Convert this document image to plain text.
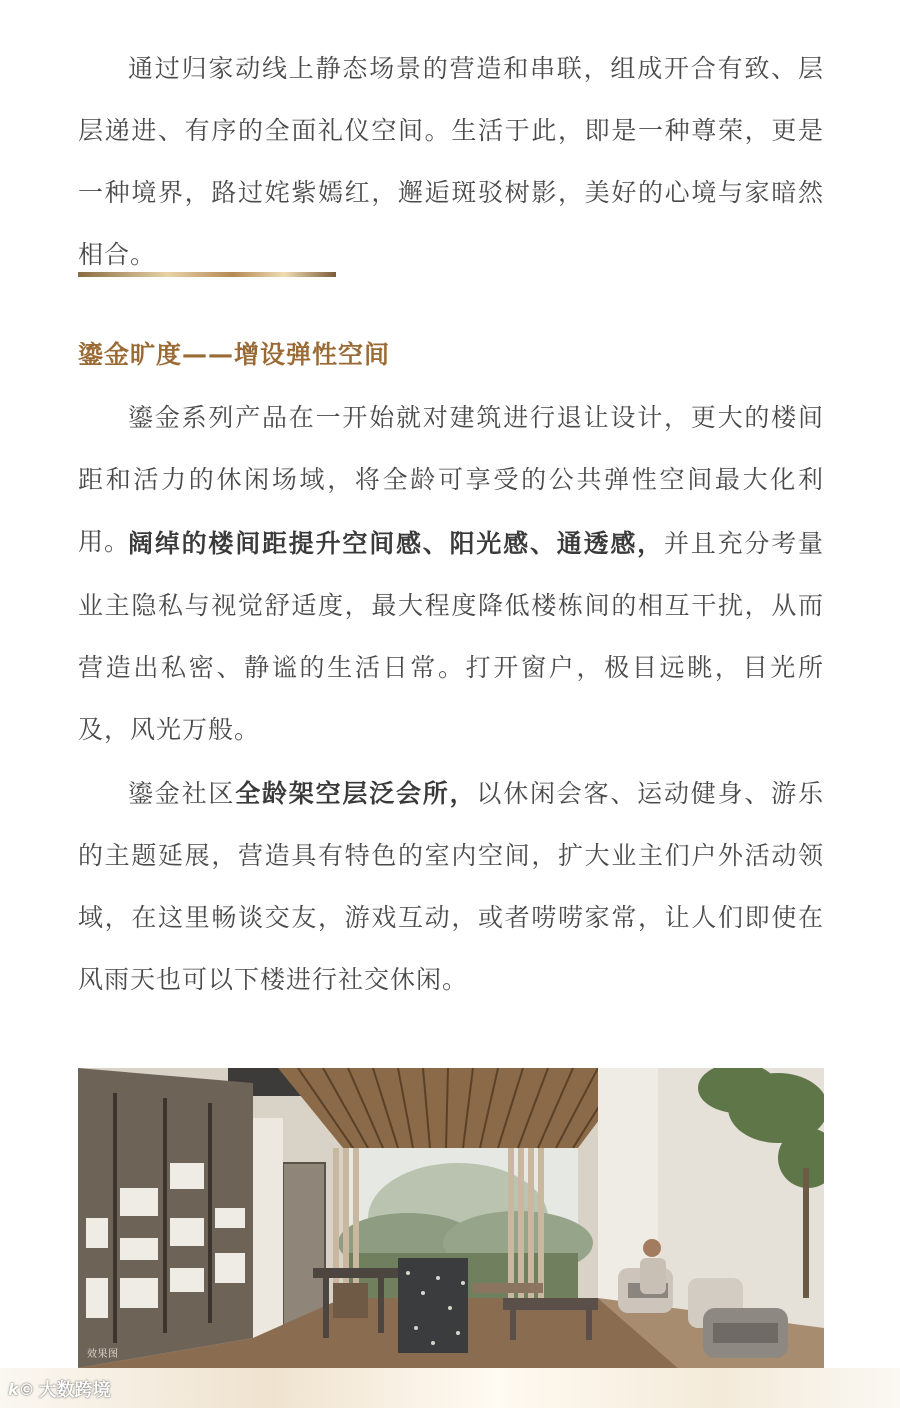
通过归家动线上静态场景的营造和串联，组成开合有致、层层递进、有序的全面礼仪空间。生活于此，即是一种尊荣，更是一种境界，路过姹紫嫣红，邂逅斑驳树影，美好的心境与家暗然相合。

鎏金旷度——增设弹性空间

鎏金系列产品在一开始就对建筑进行退让设计，更大的楼间距和活力的休闲场域，将全龄可享受的公共弹性空间最大化利用。

阔绰的楼间距提升空间感、阳光感、通透感，并且充分考量业主隐私与视觉舒适度，最大程度降低楼栋间的相互干扰，从而营造出私密、静谧的生活日常。打开窗户，极目远眺，目光所及，风光万般。

鎏金社区全龄架空层泛会所，以休闲会客、运动健身、游乐的主题延展，营造具有特色的室内空间，扩大业主们户外活动领域，在这里畅谈交友，游戏互动，或者唠唠家常，让人们即使在风雨天也可以下楼进行社交休闲。

效果图
k© 大数跨境
